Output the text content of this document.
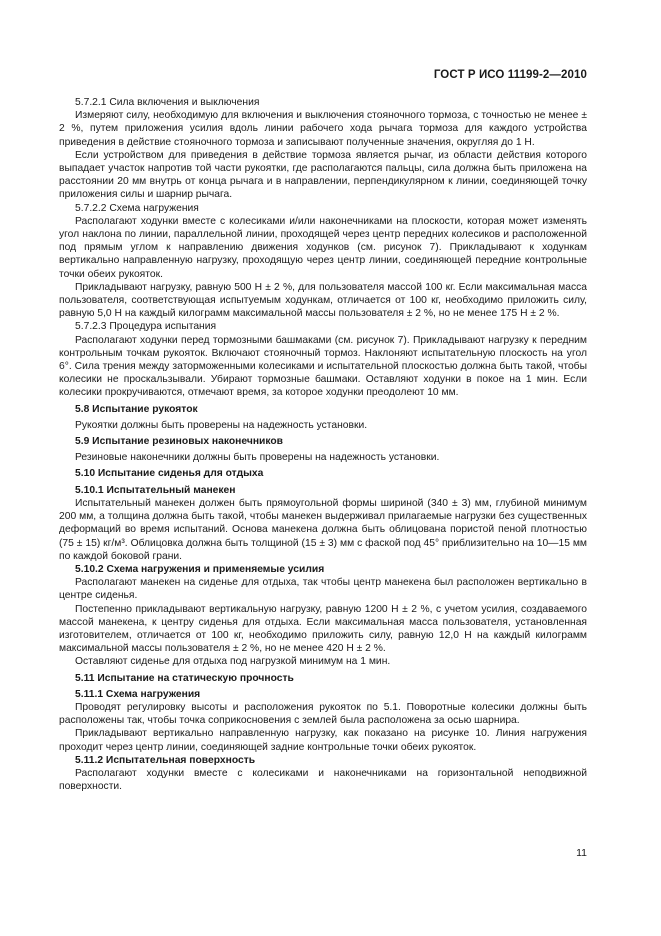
ГОСТ Р ИСО 11199-2—2010

5.7.2.1 Сила включения и выключения

Измеряют силу, необходимую для включения и выключения стояночного тормоза, с точностью не менее ± 2 %, путем приложения усилия вдоль линии рабочего хода рычага тормоза для каждого устройства приведения в действие стояночного тормоза и записывают полученные значения, округляя до 1 Н.

Если устройством для приведения в действие тормоза является рычаг, из области действия которого выпадает участок напротив той части рукоятки, где располагаются пальцы, сила должна быть приложена на расстоянии 20 мм внутрь от конца рычага и в направлении, перпендикулярном к линии, соединяющей точку приложения силы и шарнир рычага.

5.7.2.2 Схема нагружения

Располагают ходунки вместе с колесиками и/или наконечниками на плоскости, которая может изменять угол наклона по линии, параллельной линии, проходящей через центр передних колесиков и расположенной под прямым углом к направлению движения ходунков (см. рисунок 7). Прикладывают к ходункам вертикально направленную нагрузку, проходящую через центр линии, соединяющей передние контрольные точки обеих рукояток.

Прикладывают нагрузку, равную 500 Н ± 2 %, для пользователя массой 100 кг. Если максимальная масса пользователя, соответствующая испытуемым ходункам, отличается от 100 кг, необходимо приложить силу, равную 5,0 Н на каждый килограмм максимальной массы пользователя ± 2 %, но не менее 175 Н ± 2 %.

5.7.2.3 Процедура испытания

Располагают ходунки перед тормозными башмаками (см. рисунок 7). Прикладывают нагрузку к передним контрольным точкам рукояток. Включают стояночный тормоз. Наклоняют испытательную плоскость на угол 6°. Сила трения между заторможенными колесиками и испытательной плоскостью должна быть такой, чтобы колесики не проскальзывали. Убирают тормозные башмаки. Оставляют ходунки в покое на 1 мин. Если колесики прокручиваются, отмечают время, за которое ходунки преодолеют 10 мм.

5.8 Испытание рукояток

Рукоятки должны быть проверены на надежность установки.

5.9 Испытание резиновых наконечников

Резиновые наконечники должны быть проверены на надежность установки.

5.10 Испытание сиденья для отдыха

5.10.1 Испытательный манекен

Испытательный манекен должен быть прямоугольной формы шириной (340 ± 3) мм, глубиной минимум 200 мм, а толщина должна быть такой, чтобы манекен выдерживал прилагаемые нагрузки без существенных деформаций во время испытаний. Основа манекена должна быть облицована пористой пеной плотностью (75 ± 15) кг/м³. Облицовка должна быть толщиной (15 ± 3) мм с фаской под 45° приблизительно на 10—15 мм по каждой боковой грани.

5.10.2 Схема нагружения и применяемые усилия

Располагают манекен на сиденье для отдыха, так чтобы центр манекена был расположен вертикально в центре сиденья.

Постепенно прикладывают вертикальную нагрузку, равную 1200 Н ± 2 %, с учетом усилия, создаваемого массой манекена, к центру сиденья для отдыха. Если максимальная масса пользователя, установленная изготовителем, отличается от 100 кг, необходимо приложить силу, равную 12,0 Н на каждый килограмм максимальной массы пользователя ± 2 %, но не менее 420 Н ± 2 %.

Оставляют сиденье для отдыха под нагрузкой минимум на 1 мин.

5.11 Испытание на статическую прочность

5.11.1 Схема нагружения

Проводят регулировку высоты и расположения рукояток по 5.1. Поворотные колесики должны быть расположены так, чтобы точка соприкосновения с землей была расположена за осью шарнира.

Прикладывают вертикально направленную нагрузку, как показано на рисунке 10. Линия нагружения проходит через центр линии, соединяющей задние контрольные точки обеих рукояток.

5.11.2 Испытательная поверхность

Располагают ходунки вместе с колесиками и наконечниками на горизонтальной неподвижной поверхности.

11
